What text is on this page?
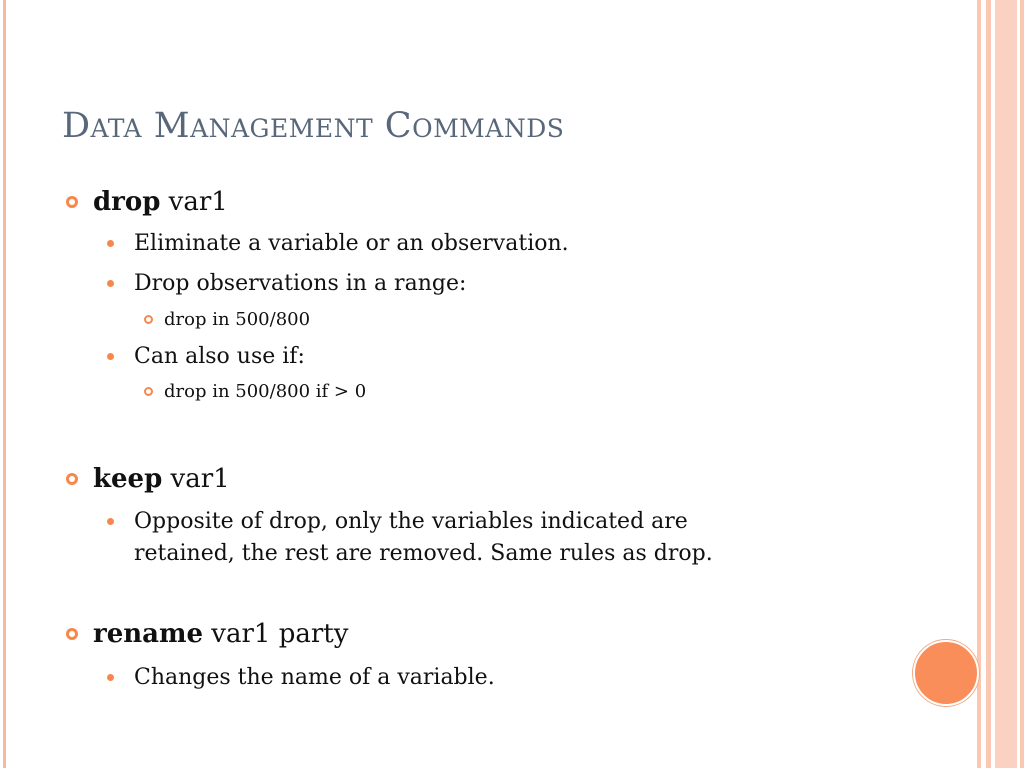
Data Management Commands
drop var1
Eliminate a variable or an observation.
Drop observations in a range:
drop in 500/800
Can also use if:
drop in 500/800 if > 0
keep var1
Opposite of drop, only the variables indicated are
retained, the rest are removed. Same rules as drop.
rename var1 party
Changes the name of a variable.
